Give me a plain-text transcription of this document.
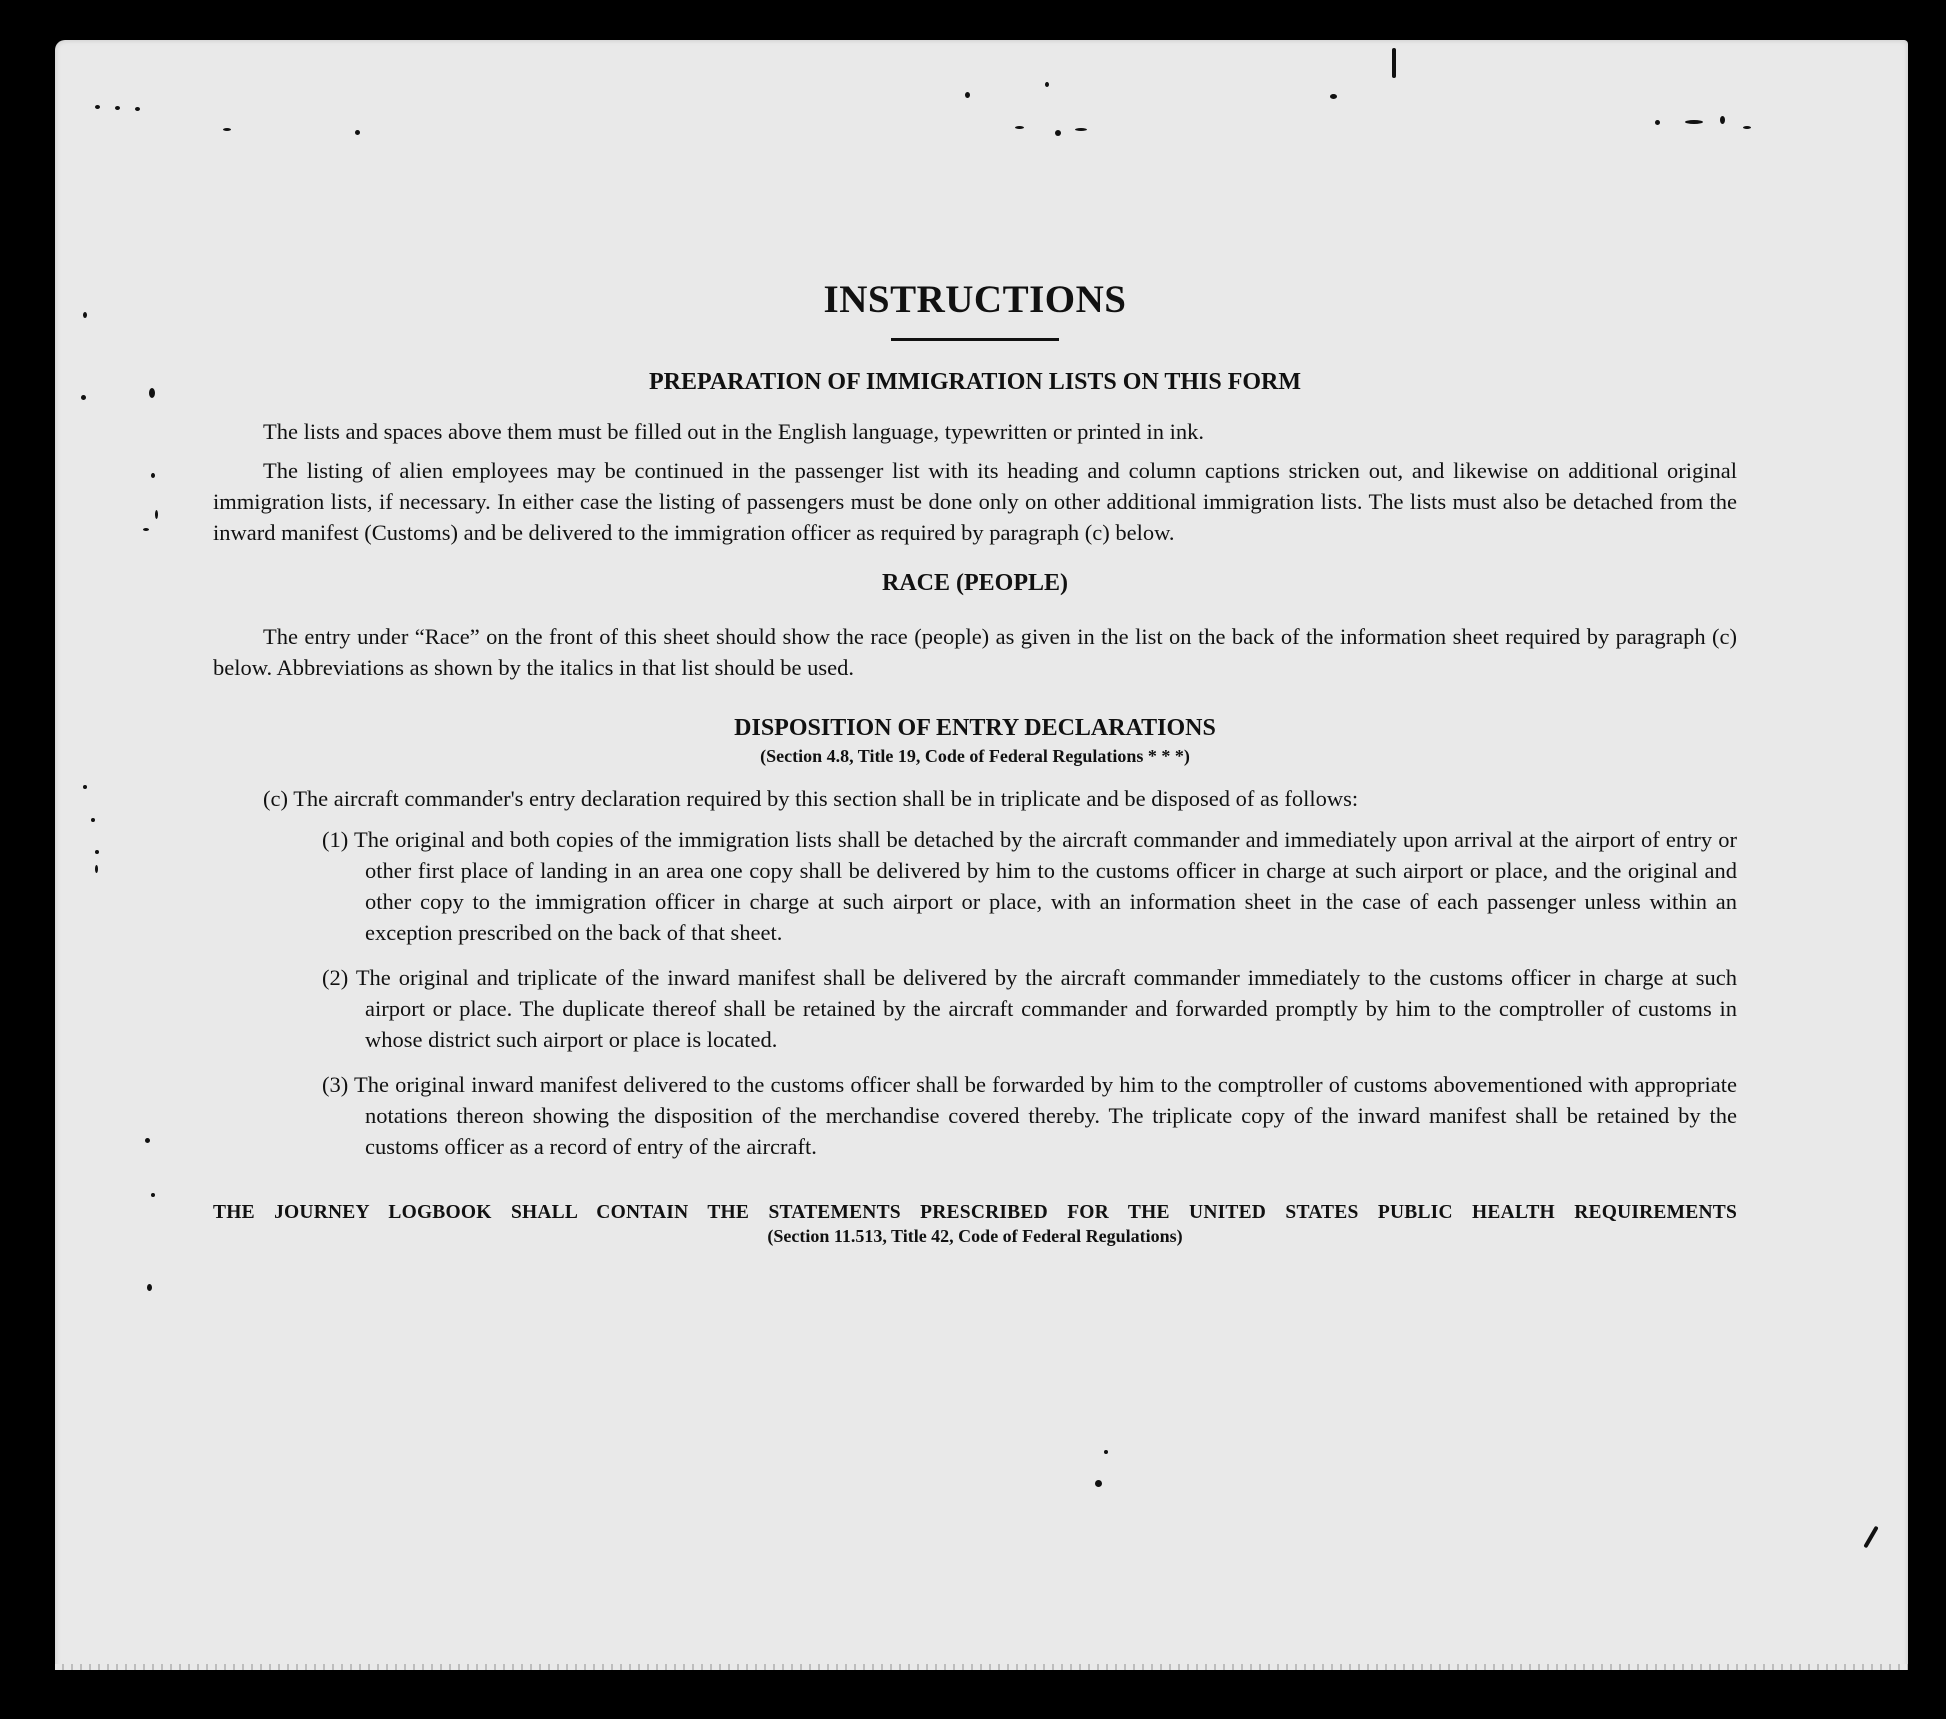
INSTRUCTIONS
PREPARATION OF IMMIGRATION LISTS ON THIS FORM

The lists and spaces above them must be filled out in the English language, typewritten or printed in ink.

The listing of alien employees may be continued in the passenger list with its heading and column captions stricken out, and likewise on additional original immigration lists, if necessary. In either case the listing of passengers must be done only on other additional immigration lists. The lists must also be detached from the inward manifest (Customs) and be delivered to the immigration officer as required by paragraph (c) below.

RACE (PEOPLE)

The entry under “Race” on the front of this sheet should show the race (people) as given in the list on the back of the information sheet required by paragraph (c) below. Abbreviations as shown by the italics in that list should be used.

DISPOSITION OF ENTRY DECLARATIONS
(Section 4.8, Title 19, Code of Federal Regulations * * *)

(c) The aircraft commander's entry declaration required by this section shall be in triplicate and be disposed of as follows:

(1) The original and both copies of the immigration lists shall be detached by the aircraft commander and immediately upon arrival at the airport of entry or other first place of landing in an area one copy shall be delivered by him to the customs officer in charge at such airport or place, and the original and other copy to the immigration officer in charge at such airport or place, with an information sheet in the case of each passenger unless within an exception prescribed on the back of that sheet.

(2) The original and triplicate of the inward manifest shall be delivered by the aircraft commander immediately to the customs officer in charge at such airport or place. The duplicate thereof shall be retained by the aircraft commander and forwarded promptly by him to the comptroller of customs in whose district such airport or place is located.

(3) The original inward manifest delivered to the customs officer shall be forwarded by him to the comptroller of customs abovementioned with appropriate notations thereon showing the disposition of the merchandise covered thereby. The triplicate copy of the inward manifest shall be retained by the customs officer as a record of entry of the aircraft.

THE JOURNEY LOGBOOK SHALL CONTAIN THE STATEMENTS PRESCRIBED FOR THE UNITED STATES PUBLIC HEALTH REQUIREMENTS
(Section 11.513, Title 42, Code of Federal Regulations)
